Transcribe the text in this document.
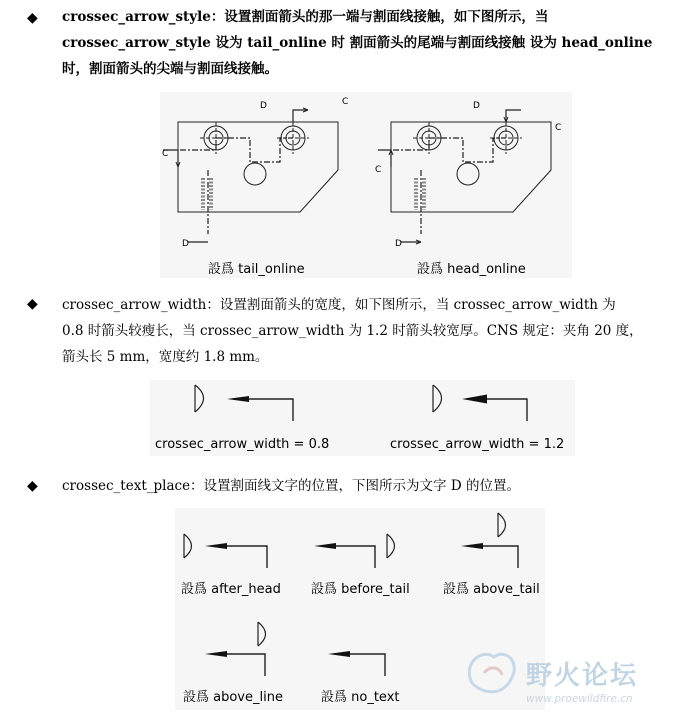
◆
◆
◆
crossec_arrow_style：设置割面箭头的那一端与割面线接触，如下图所示，当
crossec_arrow_style 设为 tail_online 时 割面箭头的尾端与割面线接触 设为 head_online
时，割面箭头的尖端与割面线接触。
D	C
C
D
D
C
C
D
設爲 tail_online	設爲 head_online
crossec_arrow_width：设置割面箭头的宽度，如下图所示，当 crossec_arrow_width 为
0.8 时箭头较瘦长，当 crossec_arrow_width 为 1.2 时箭头较宽厚。CNS 规定：夹角 20 度，
箭头长 5 mm，宽度约 1.8 mm。
crossec_arrow_width = 0.8	crossec_arrow_width = 1.2
crossec_text_place：设置割面线文字的位置，下图所示为文字 D 的位置。
設爲 after_head 設爲 before_tail	設爲 above_tail
設爲 above_line	設爲 no_text
野火论坛
www.proewildfire.cn
